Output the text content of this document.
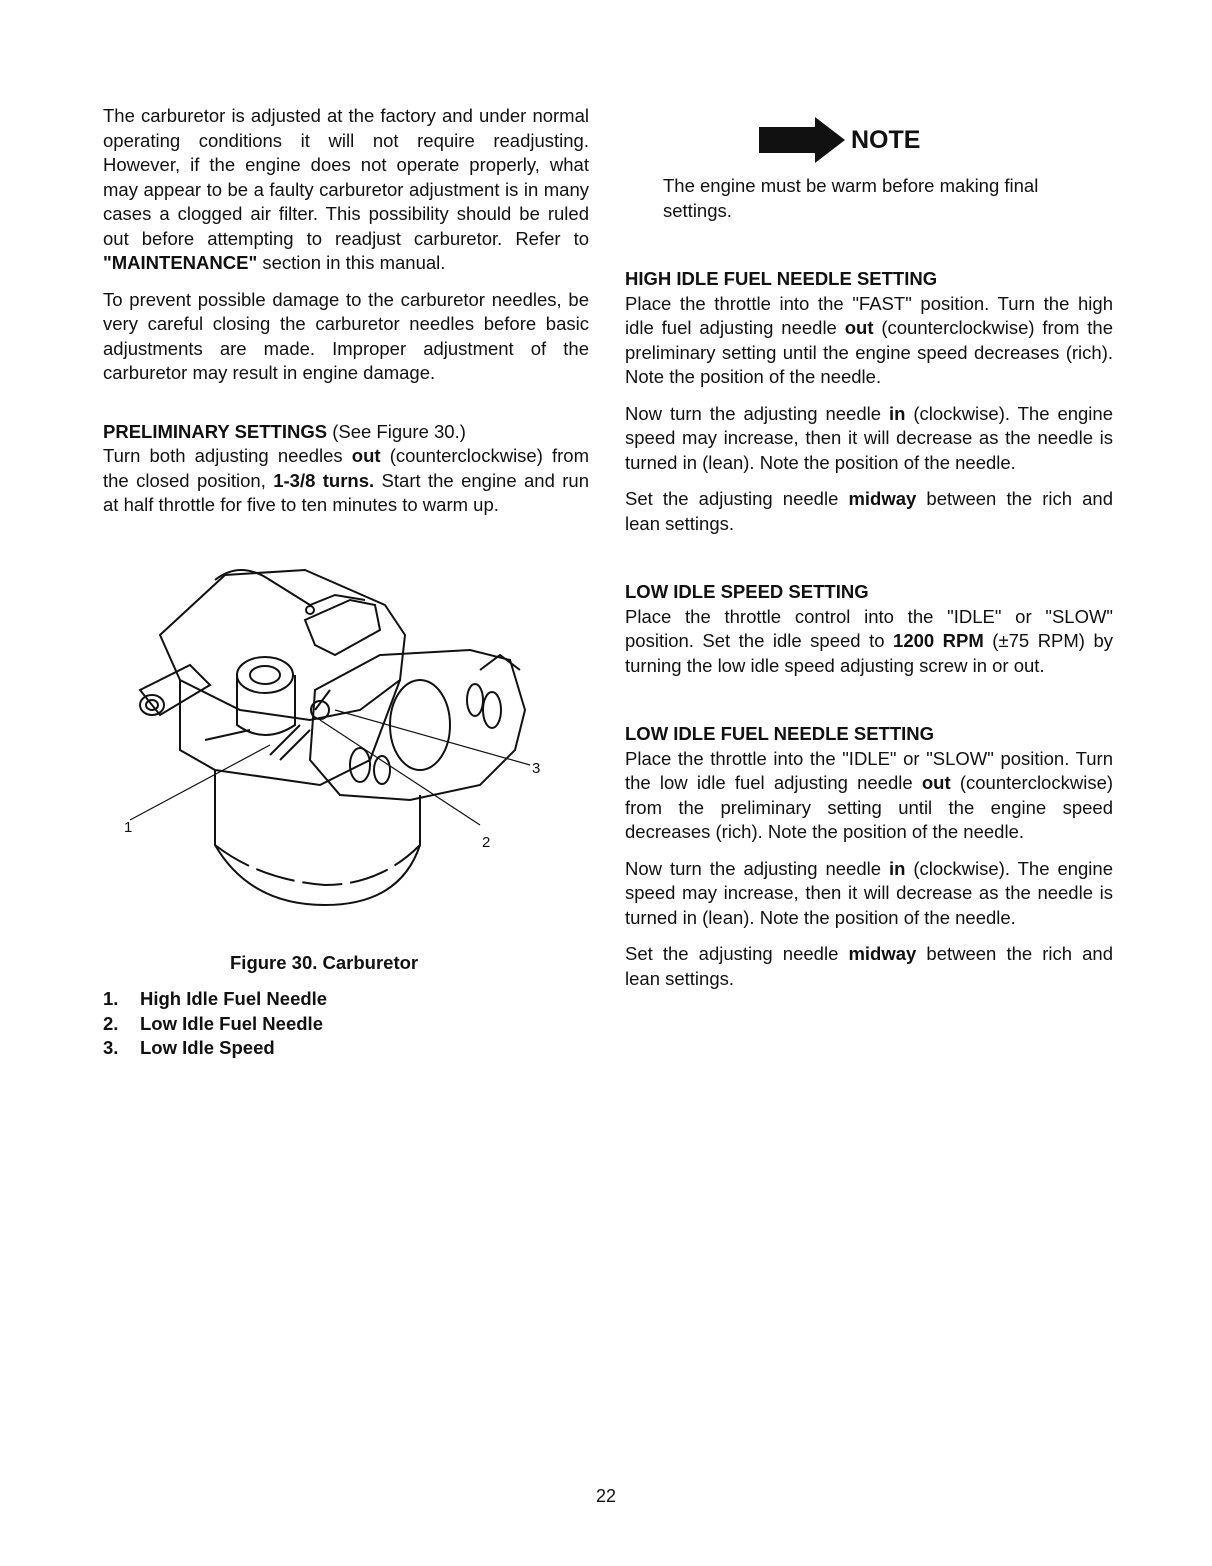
The carburetor is adjusted at the factory and under normal operating conditions it will not require readjusting. However, if the engine does not operate properly, what may appear to be a faulty carburetor adjustment is in many cases a clogged air filter. This possibility should be ruled out before attempting to readjust carburetor. Refer to "MAINTENANCE" section in this manual.

To prevent possible damage to the carburetor needles, be very careful closing the carburetor needles before basic adjustments are made. Improper adjustment of the carburetor may result in engine damage.

PRELIMINARY SETTINGS (See Figure 30.)

Turn both adjusting needles out (counterclockwise) from the closed position, 1-3/8 turns. Start the engine and run at half throttle for five to ten minutes to warm up.

1
2
3
Figure 30. Carburetor
1. High Idle Fuel Needle
2. Low Idle Fuel Needle
3. Low Idle Speed
NOTE

The engine must be warm before making final settings.

HIGH IDLE FUEL NEEDLE SETTING

Place the throttle into the "FAST" position. Turn the high idle fuel adjusting needle out (counterclockwise) from the preliminary setting until the engine speed decreases (rich). Note the position of the needle.

Now turn the adjusting needle in (clockwise). The engine speed may increase, then it will decrease as the needle is turned in (lean). Note the position of the needle.

Set the adjusting needle midway between the rich and lean settings.

LOW IDLE SPEED SETTING

Place the throttle control into the "IDLE" or "SLOW" position. Set the idle speed to 1200 RPM (±75 RPM) by turning the low idle speed adjusting screw in or out.

LOW IDLE FUEL NEEDLE SETTING

Place the throttle into the "IDLE" or "SLOW" position. Turn the low idle fuel adjusting needle out (counterclockwise) from the preliminary setting until the engine speed decreases (rich). Note the position of the needle.

Now turn the adjusting needle in (clockwise). The engine speed may increase, then it will decrease as the needle is turned in (lean). Note the position of the needle.

Set the adjusting needle midway between the rich and lean settings.

22
